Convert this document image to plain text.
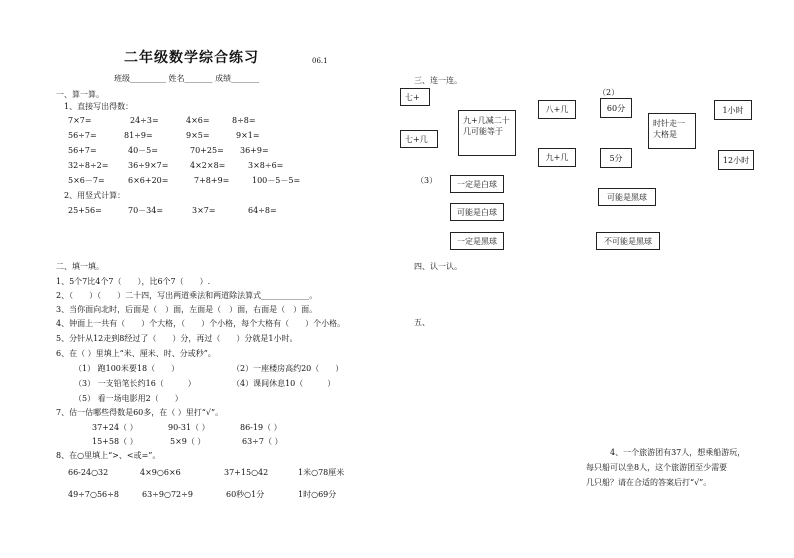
二年级数学综合练习	06.1
班级_________ 姓名_______ 成绩_______
一、算一算。
1、直接写出得数：
7×7=	24÷3=	4×6=	8÷8=
56÷7=	81÷9=	9×5=	9×1=
56+7=	40－5=	70+25= 36+9=
32÷8÷2= 36÷9×7=	4×2×8=	3×8÷6=
5×6－7=	6×6+20=	7+8+9=	100－5－5=
2、用竖式计算：
25+56=	70－34=	3×7=	64÷8=
二、填一填。
1、5个7比4个7（　　），比6个7（　　）.
2、（　　）（　　）二十四，写出两道乘法和两道除法算式____________。
3、当你面向北时，后面是（　）面，左面是（　）面，右面是（　）面。
4、钟面上一共有（　　）个大格，（　　）个小格，每个大格有（　　）个小格。
5、分针从12走到8经过了（　　）分，再过（　　）分就是1小时。
6、在（ ）里填上“米、厘米、时、分或秒”。
（1） 跑100米要18（　　）	（2）一座楼房高约20（　　）
（3） 一支铅笔长约16（　　　）	（4）课间休息10（　　　）
（5） 看一场电影用2（　　）
7、估一估哪些得数是60多，在（ ）里打“√”。
37+24（ ）	90-31（ ）	86-19（ ）
15+58（ ）	5×9（ ）	63÷7（ ）
8、在○里填上“>、<或=”。
66-24○32	4×9○6×6	37+15○42	1米○78厘米
49÷7○56÷8	63÷9○72÷9	60秒○1分	1时○69分
三、连一连。
（2）
七+
七+几
九+几减二十几可能等于
八+几
九+几
60分
5分
时针走一大格是
1小时
12小时
（3）	一定是白球
可能是白球
一定是黑球
可能是黑球
不可能是黑球
四、认一认。
五、
4、一个旅游团有37人，想乘船游玩，
每只船可以坐8人，这个旅游团至少需要
几只船？请在合适的答案后打“√”。
